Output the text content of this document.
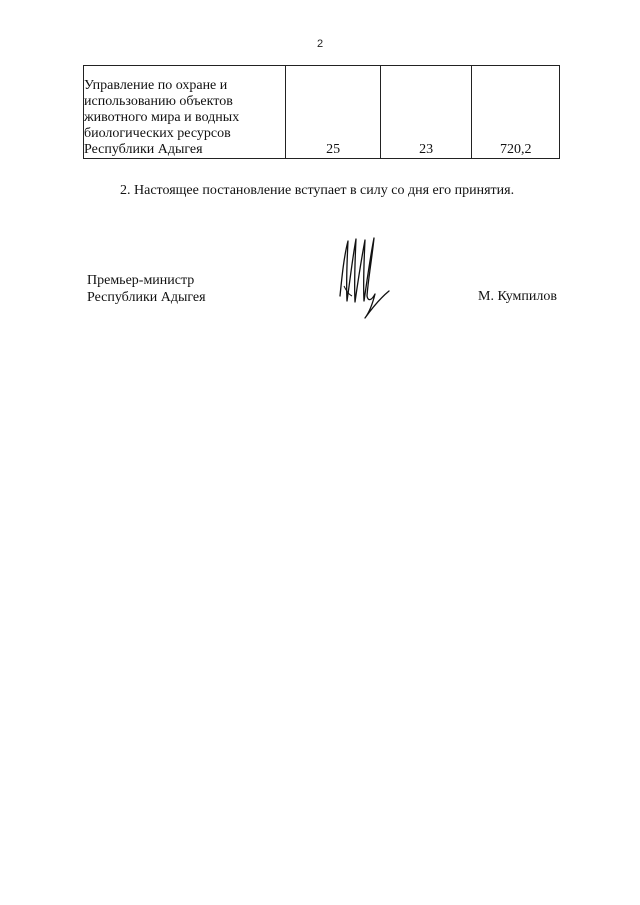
2
Управление по охране и
использованию объектов
животного мира и водных
биологических ресурсов
Республики Адыгея	25	23	720,2
2. Настоящее постановление вступает в силу со дня его принятия.
Премьер-министр
Республики Адыгея	М. Кумпилов
